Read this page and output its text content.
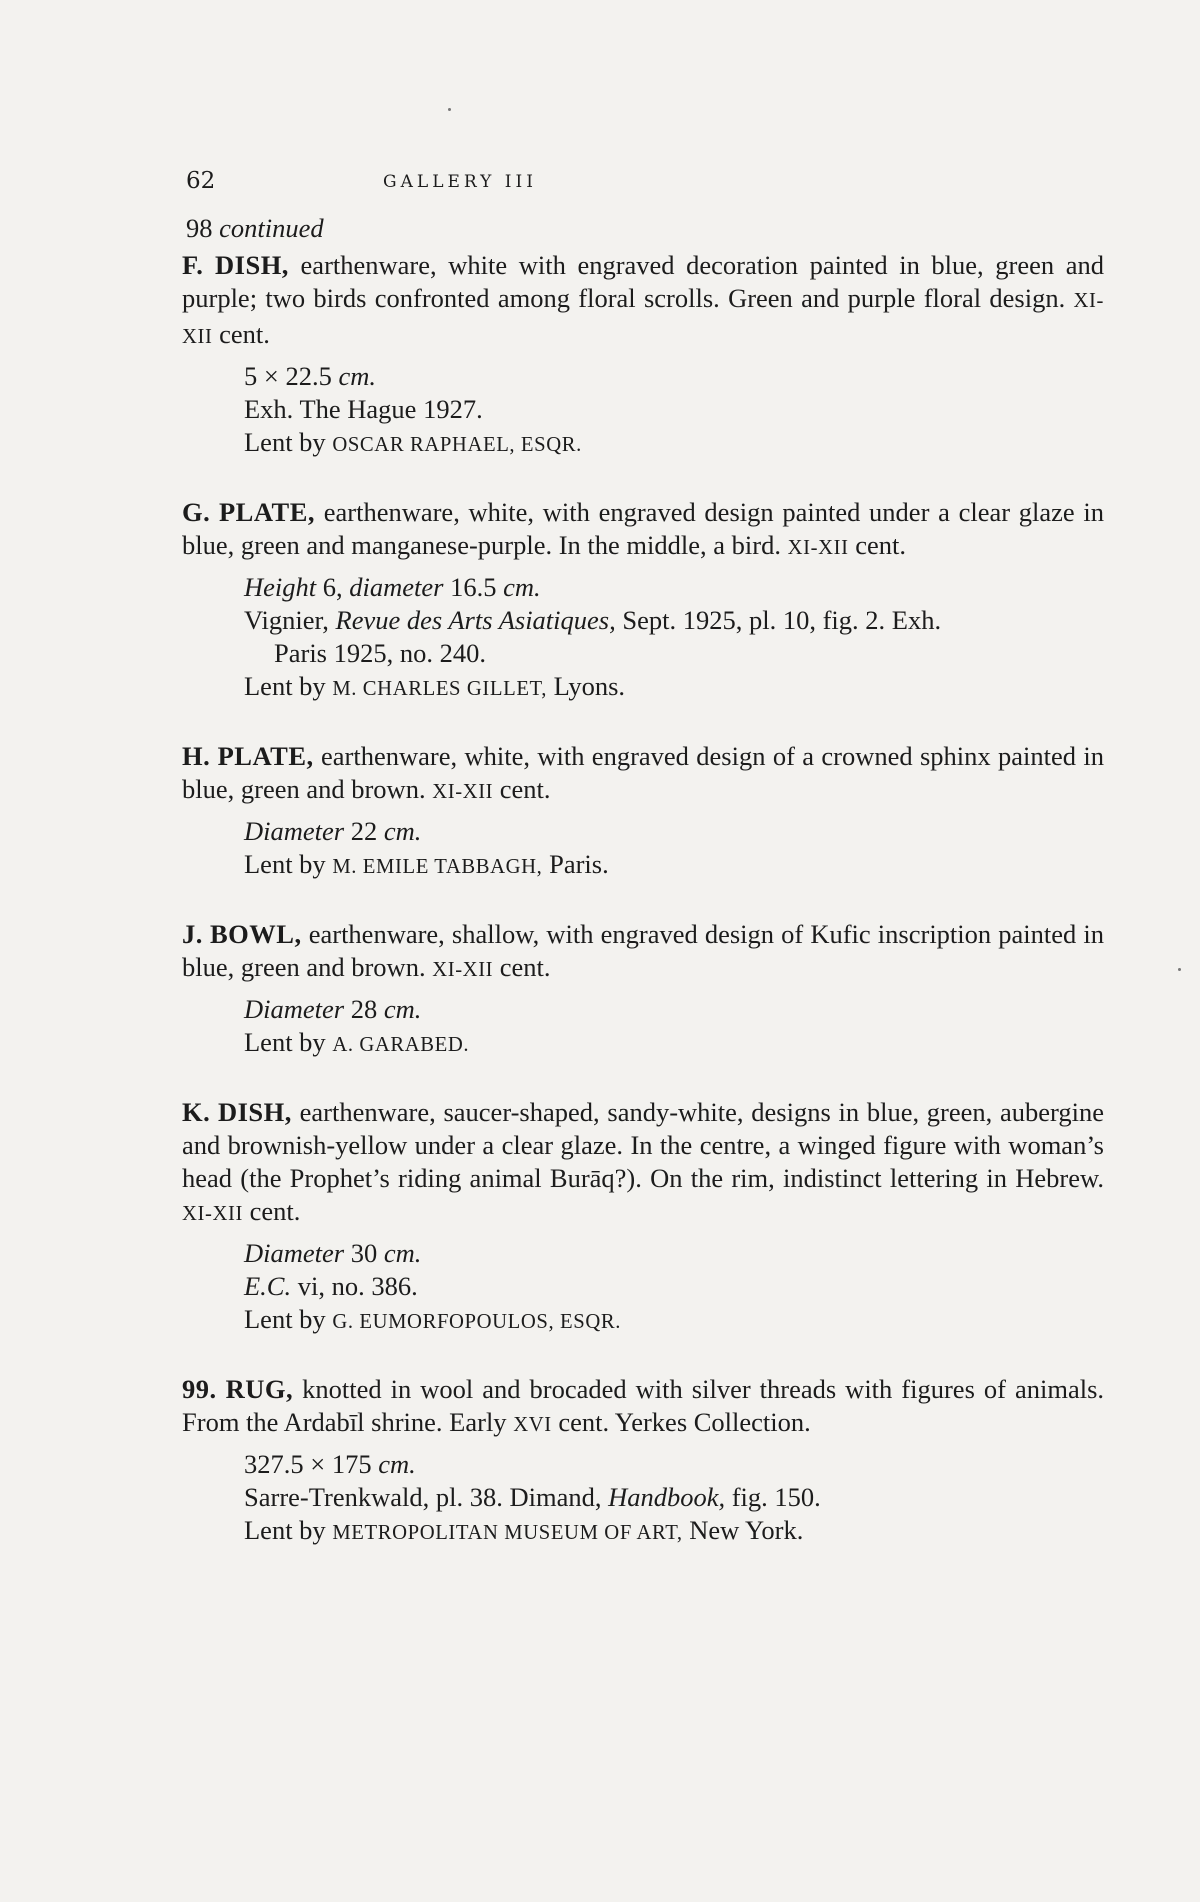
62	GALLERY III
98 continued

F. DISH, earthenware, white with engraved decoration painted in blue, green and purple; two birds confronted among floral scrolls. Green and purple floral design. XI-XII cent.

5 × 22.5 cm.

Exh. The Hague 1927.

Lent by OSCAR RAPHAEL, ESQR.

G. PLATE, earthenware, white, with engraved design painted under a clear glaze in blue, green and manganese-purple. In the middle, a bird. XI-XII cent.

Height 6, diameter 16.5 cm.

Vignier, Revue des Arts Asiatiques, Sept. 1925, pl. 10, fig. 2. Exh.
Paris 1925, no. 240.

Lent by M. CHARLES GILLET, Lyons.

H. PLATE, earthenware, white, with engraved design of a crowned sphinx painted in blue, green and brown. XI-XII cent.

Diameter 22 cm.

Lent by M. EMILE TABBAGH, Paris.

J. BOWL, earthenware, shallow, with engraved design of Kufic inscription painted in blue, green and brown. XI-XII cent.

Diameter 28 cm.

Lent by A. GARABED.

K. DISH, earthenware, saucer-shaped, sandy-white, designs in blue, green, aubergine and brownish-yellow under a clear glaze. In the centre, a winged figure with woman’s head (the Prophet’s riding animal Burāq?). On the rim, indistinct lettering in Hebrew. XI-XII cent.

Diameter 30 cm.

E.C. vi, no. 386.

Lent by G. EUMORFOPOULOS, ESQR.

99. RUG, knotted in wool and brocaded with silver threads with figures of animals. From the Ardabīl shrine. Early XVI cent. Yerkes Collection.

327.5 × 175 cm.

Sarre-Trenkwald, pl. 38. Dimand, Handbook, fig. 150.

Lent by METROPOLITAN MUSEUM OF ART, New York.
